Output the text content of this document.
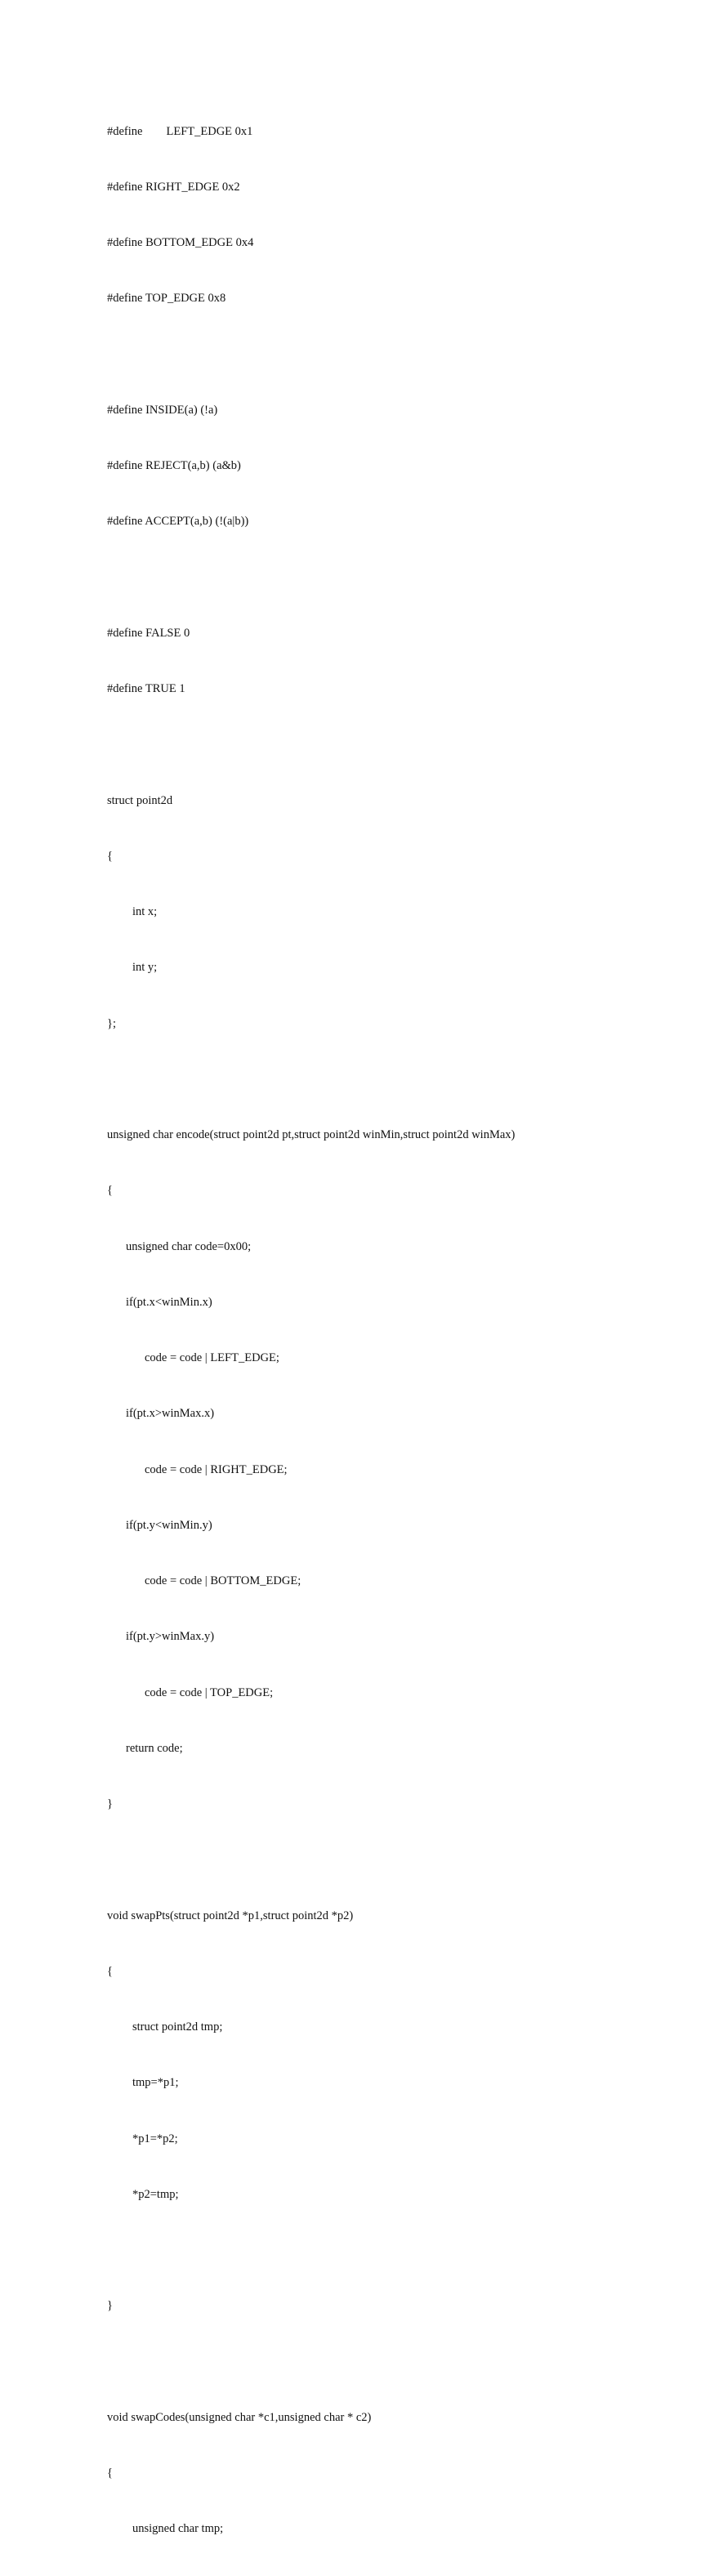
#define LEFT_EDGE 0x1

#define RIGHT_EDGE 0x2

#define BOTTOM_EDGE 0x4

#define TOP_EDGE 0x8

#define INSIDE(a) (!a)

#define REJECT(a,b) (a&b)

#define ACCEPT(a,b) (!(a|b))

#define FALSE 0

#define TRUE 1

struct point2d

{

int x;

int y;

};

unsigned char encode(struct point2d pt,struct point2d winMin,struct point2d winMax)

{

unsigned char code=0x00;

if(pt.x<winMin.x)

code = code | LEFT_EDGE;

if(pt.x>winMax.x)

code = code | RIGHT_EDGE;

if(pt.y<winMin.y)

code = code | BOTTOM_EDGE;

if(pt.y>winMax.y)

code = code | TOP_EDGE;

return code;

}

void swapPts(struct point2d *p1,struct point2d *p2)

{

struct point2d tmp;

tmp=*p1;

*p1=*p2;

*p2=tmp;

}

void swapCodes(unsigned char *c1,unsigned char * c2)

{

unsigned char tmp;
